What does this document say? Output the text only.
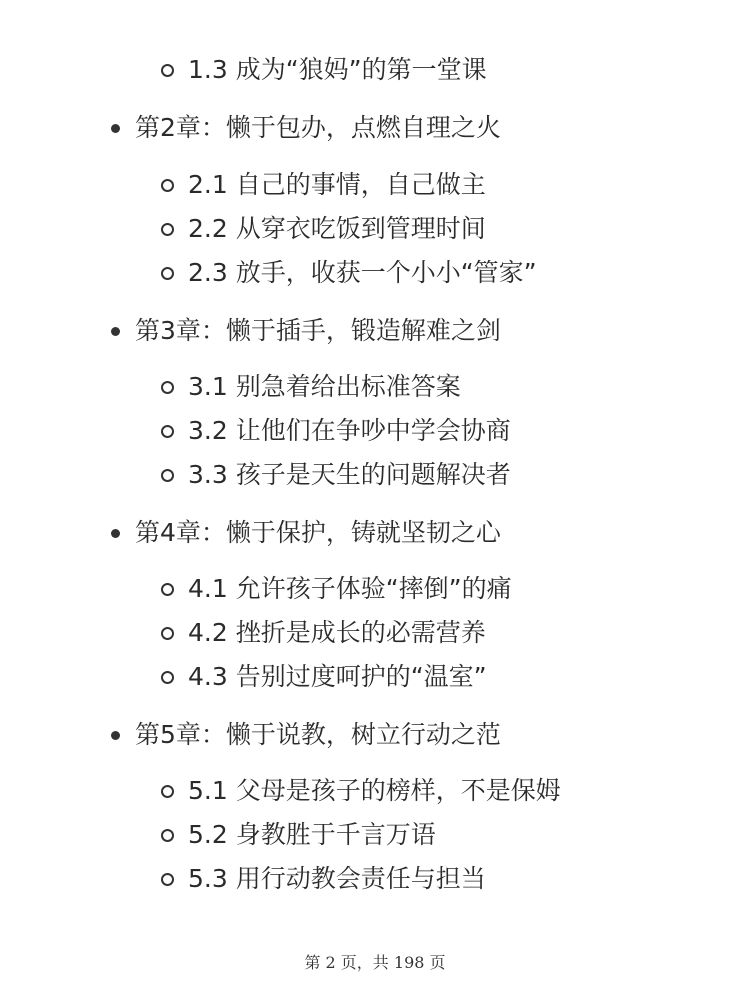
1.3 成为“狼妈”的第一堂课
第2章：懒于包办，点燃自理之火
2.1 自己的事情，自己做主
2.2 从穿衣吃饭到管理时间
2.3 放手，收获一个小小“管家”
第3章：懒于插手，锻造解难之剑
3.1 别急着给出标准答案
3.2 让他们在争吵中学会协商
3.3 孩子是天生的问题解决者
第4章：懒于保护，铸就坚韧之心
4.1 允许孩子体验“摔倒”的痛
4.2 挫折是成长的必需营养
4.3 告别过度呵护的“温室”
第5章：懒于说教，树立行动之范
5.1 父母是孩子的榜样，不是保姆
5.2 身教胜于千言万语
5.3 用行动教会责任与担当
第 2 页，共 198 页
